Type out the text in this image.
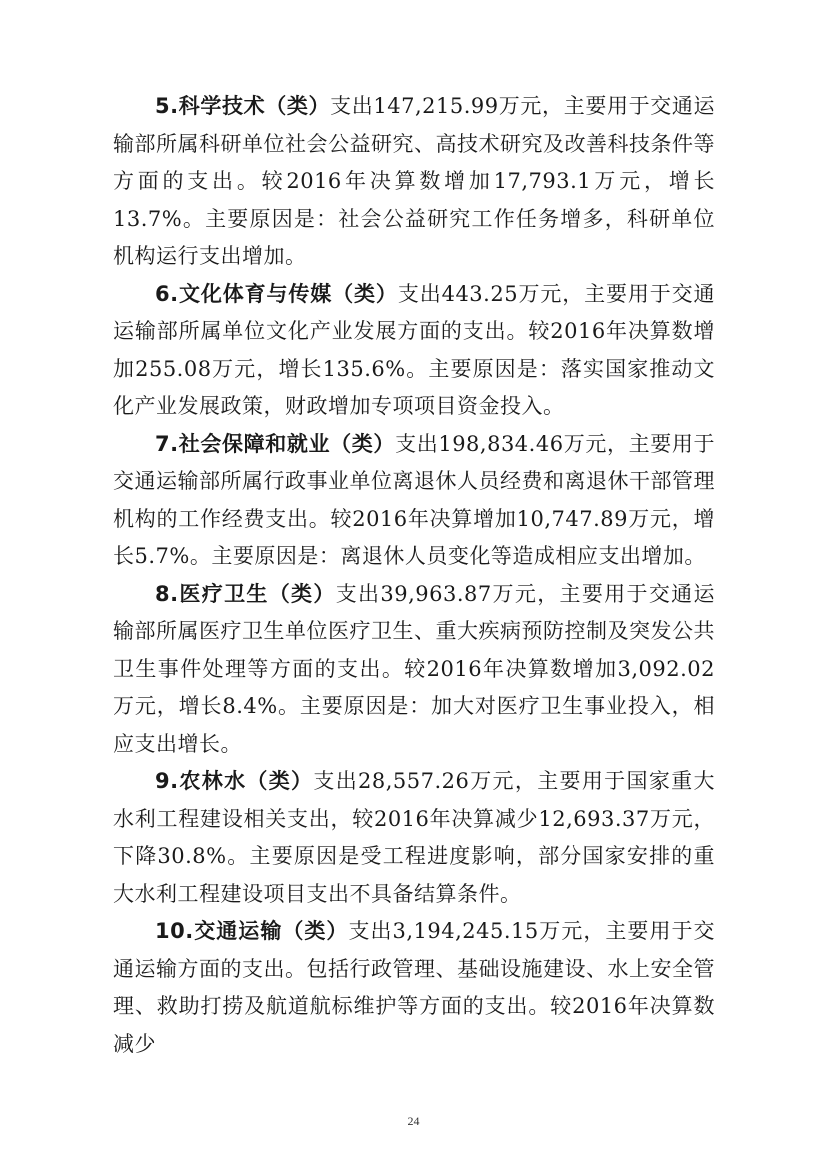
5.科学技术（类）支出147,215.99万元，主要用于交通运输部所属科研单位社会公益研究、高技术研究及改善科技条件等方面的支出。较2016年决算数增加17,793.1万元，增长13.7%。主要原因是：社会公益研究工作任务增多，科研单位机构运行支出增加。

6.文化体育与传媒（类）支出443.25万元，主要用于交通运输部所属单位文化产业发展方面的支出。较2016年决算数增加255.08万元，增长135.6%。主要原因是：落实国家推动文化产业发展政策，财政增加专项项目资金投入。

7.社会保障和就业（类）支出198,834.46万元，主要用于交通运输部所属行政事业单位离退休人员经费和离退休干部管理机构的工作经费支出。较2016年决算增加10,747.89万元，增长5.7%。主要原因是：离退休人员变化等造成相应支出增加。

8.医疗卫生（类）支出39,963.87万元，主要用于交通运输部所属医疗卫生单位医疗卫生、重大疾病预防控制及突发公共卫生事件处理等方面的支出。较2016年决算数增加3,092.02万元，增长8.4%。主要原因是：加大对医疗卫生事业投入，相应支出增长。

9.农林水（类）支出28,557.26万元，主要用于国家重大水利工程建设相关支出，较2016年决算减少12,693.37万元，下降30.8%。主要原因是受工程进度影响，部分国家安排的重大水利工程建设项目支出不具备结算条件。

10.交通运输（类）支出3,194,245.15万元，主要用于交通运输方面的支出。包括行政管理、基础设施建设、水上安全管理、救助打捞及航道航标维护等方面的支出。较2016年决算数减少

24
